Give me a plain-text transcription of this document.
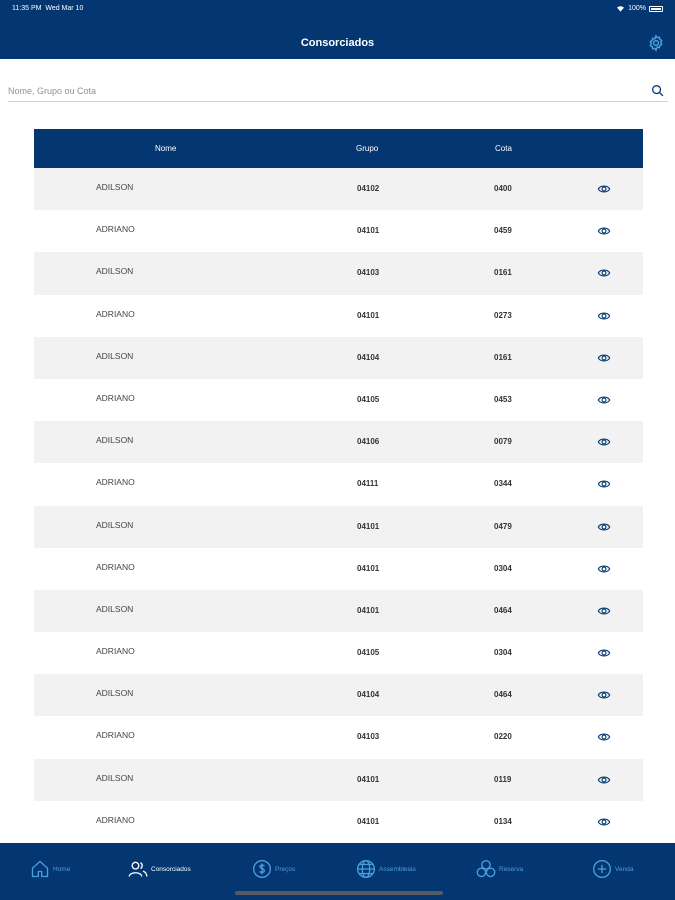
11:35 PM Wed Mar 10	100%
Consorciados
Nome, Grupo ou Cota
Nome	Grupo	Cota
ADILSON	04102	0400
ADRIANO	04101	0459
ADILSON	04103	0161
ADRIANO	04101	0273
ADILSON	04104	0161
ADRIANO	04105	0453
ADILSON	04106	0079
ADRIANO	04111	0344
ADILSON	04101	0479
ADRIANO	04101	0304
ADILSON	04101	0464
ADRIANO	04105	0304
ADILSON	04104	0464
ADRIANO	04103	0220
ADILSON	04101	0119
ADRIANO	04101	0134
Home	Consorciados	Preços	Assembleias	Reserva	Venda
